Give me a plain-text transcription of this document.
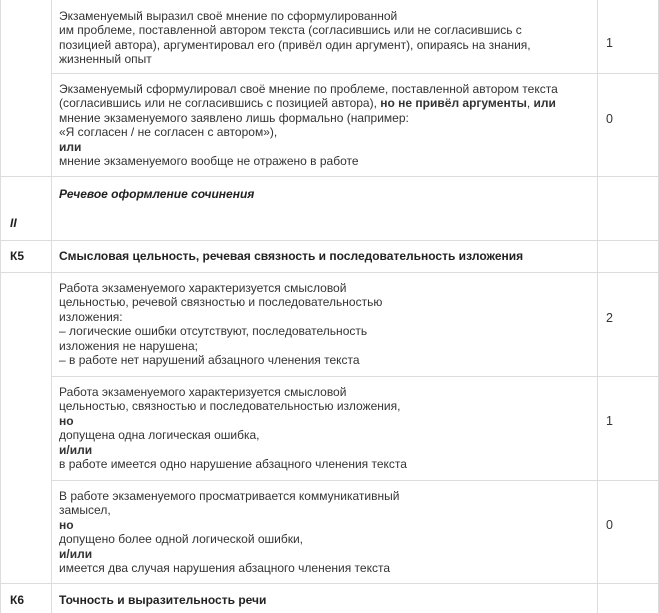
Экзаменуемый выразил своё мнение по сформулированной
им проблеме, поставленной автором текста (согласившись или не согласившись с
позицией автора), аргументировал его (привёл один аргумент), опираясь на знания,
жизненный опыт
1
Экзаменуемый сформулировал своё мнение по проблеме, поставленной автором текста
(согласившись или не согласившись с позицией автора), но не привёл аргументы, или
мнение экзаменуемого заявлено лишь формально (например:
«Я согласен / не согласен с автором»),
или
мнение экзаменуемого вообще не отражено в работе
0
Речевое оформление сочинения
II
К5	Смысловая цельность, речевая связность и последовательность изложения
Работа экзаменуемого характеризуется смысловой
цельностью, речевой связностью и последовательностью
изложения:
– логические ошибки отсутствуют, последовательность
изложения не нарушена;
– в работе нет нарушений абзацного членения текста
2
Работа экзаменуемого характеризуется смысловой
цельностью, связностью и последовательностью изложения,
но
допущена одна логическая ошибка,
и/или
в работе имеется одно нарушение абзацного членения текста
1
В работе экзаменуемого просматривается коммуникативный
замысел,
но
допущено более одной логической ошибки,
и/или
имеется два случая нарушения абзацного членения текста
0
К6	Точность и выразительность речи
